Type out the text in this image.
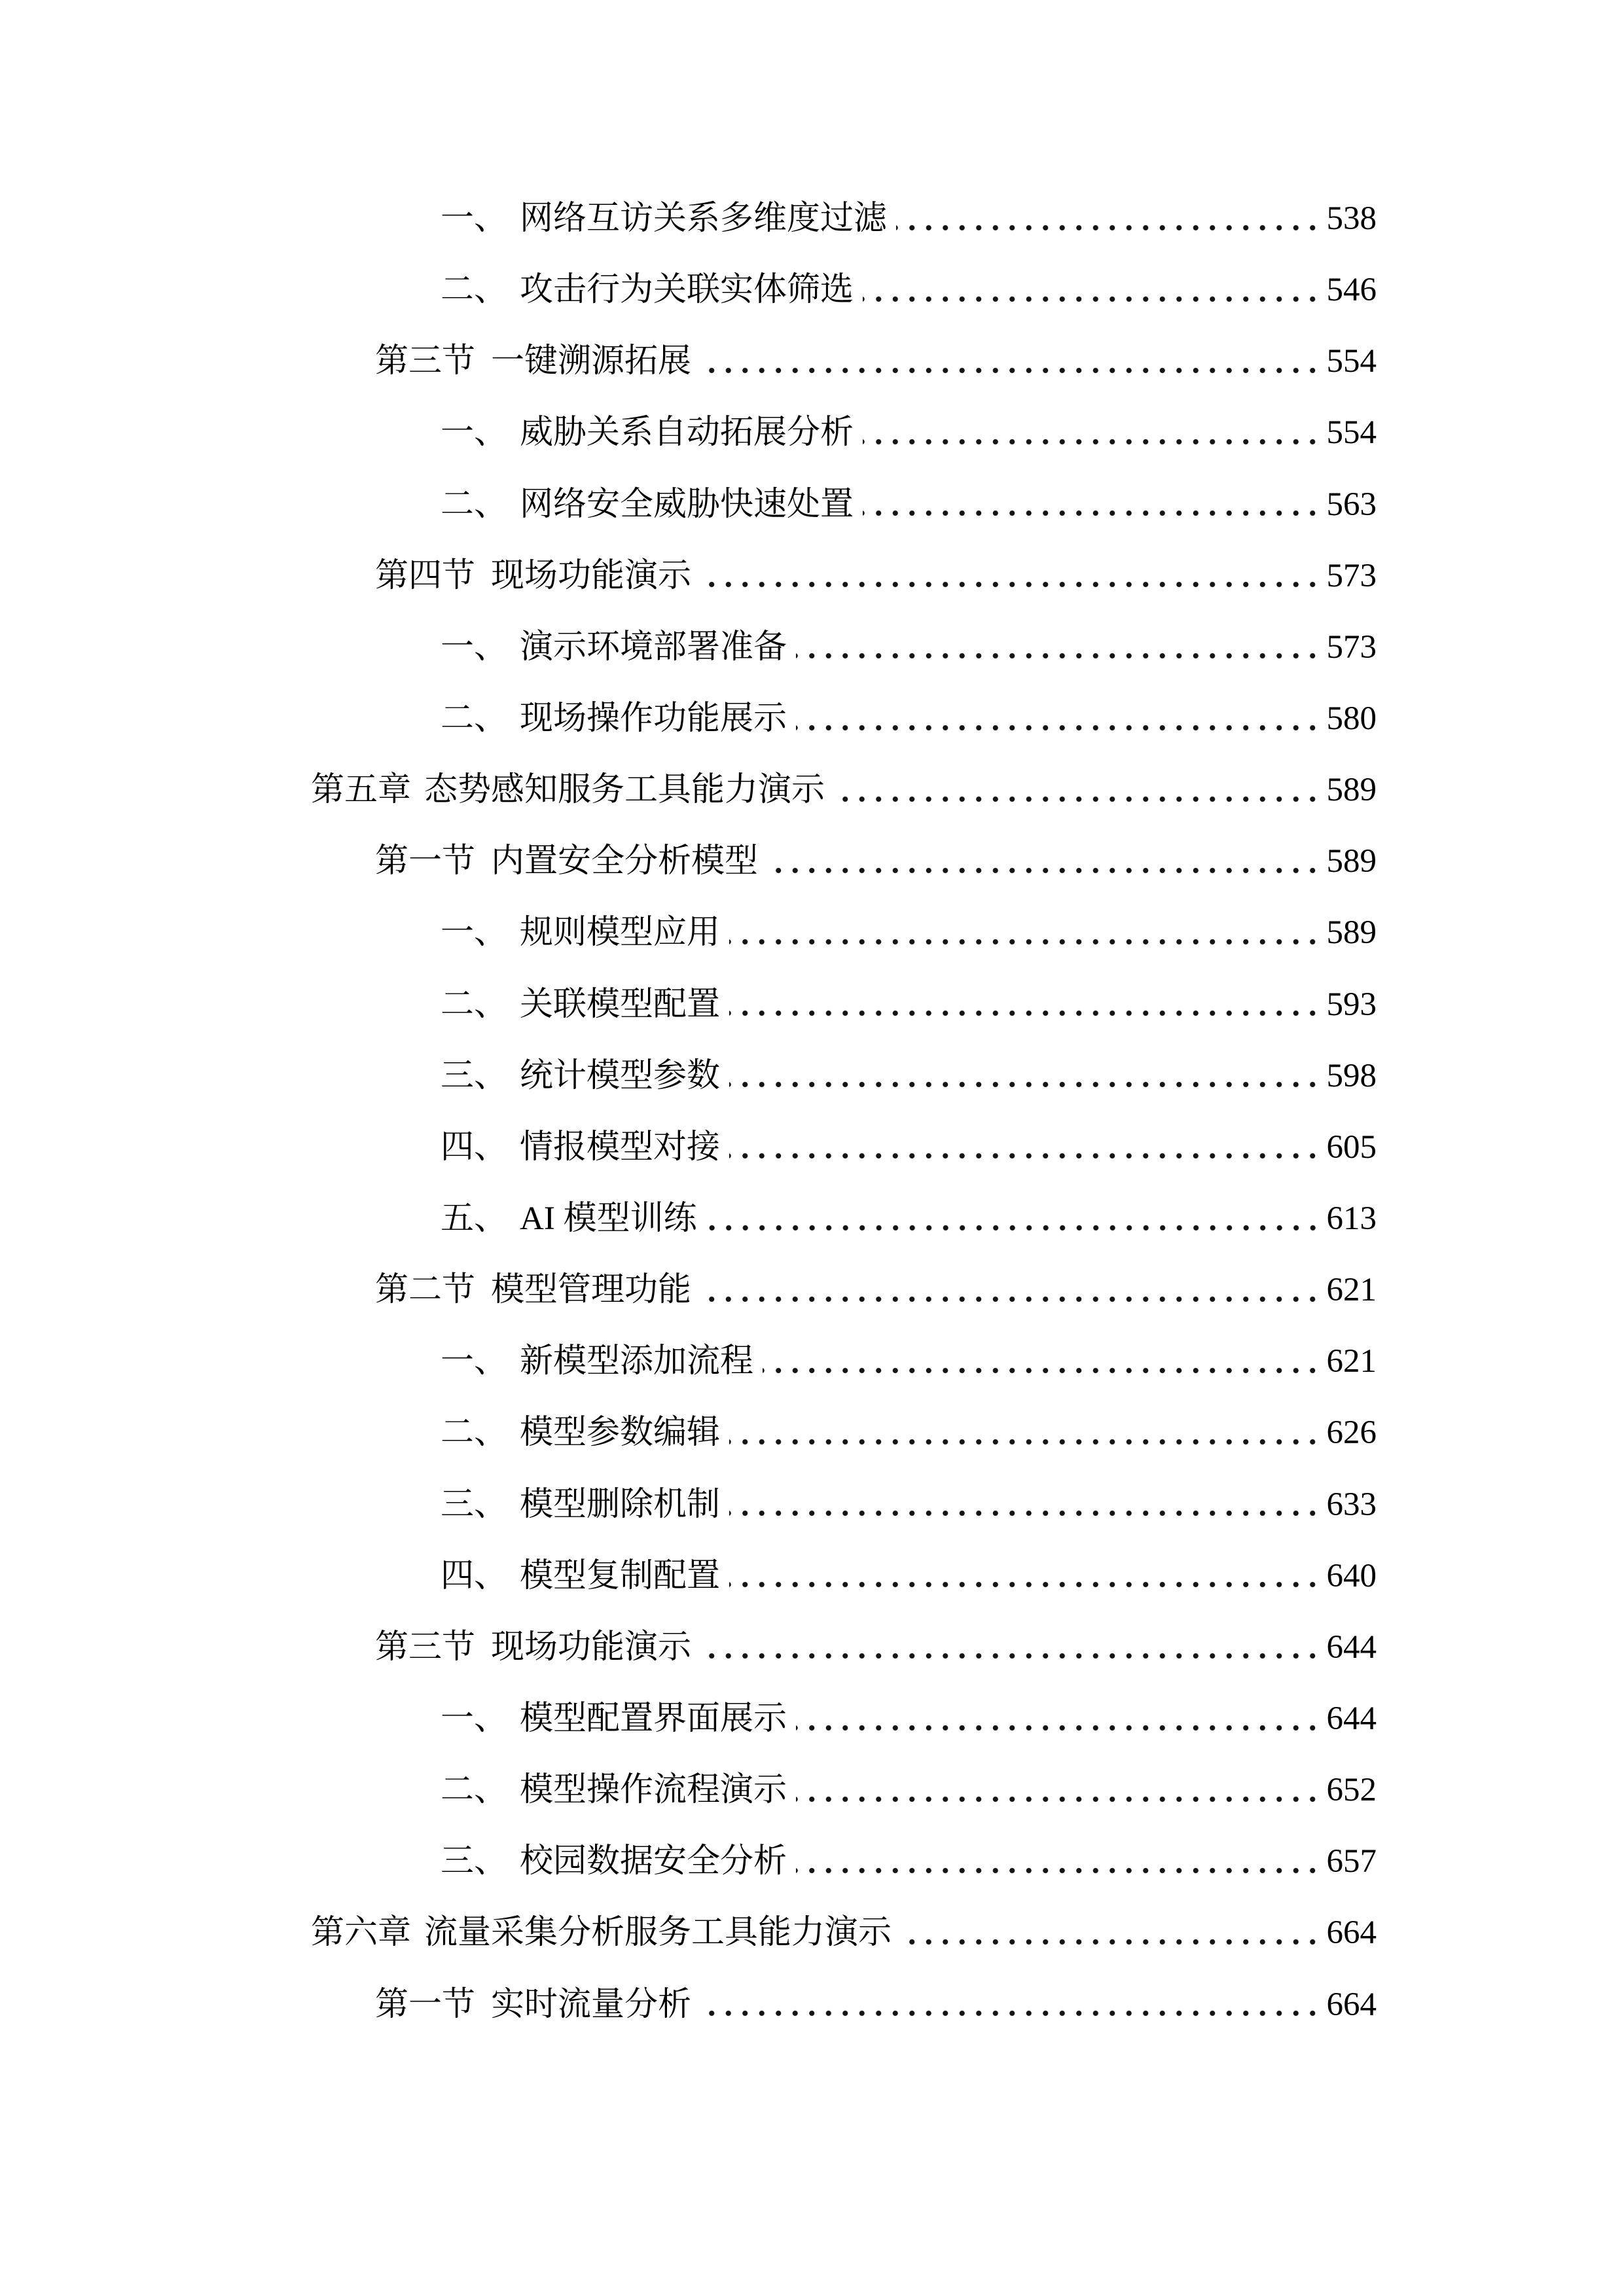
一、 网络互访关系多维度过滤	538
二、 攻击行为关联实体筛选	546
第三节 一键溯源拓展	554
一、 威胁关系自动拓展分析	554
二、 网络安全威胁快速处置	563
第四节 现场功能演示	573
一、 演示环境部署准备	573
二、 现场操作功能展示	580
第五章 态势感知服务工具能力演示	589
第一节 内置安全分析模型	589
一、 规则模型应用	589
二、 关联模型配置	593
三、 统计模型参数	598
四、 情报模型对接	605
五、 AI 模型训练	613
第二节 模型管理功能	621
一、 新模型添加流程	621
二、 模型参数编辑	626
三、 模型删除机制	633
四、 模型复制配置	640
第三节 现场功能演示	644
一、 模型配置界面展示	644
二、 模型操作流程演示	652
三、 校园数据安全分析	657
第六章 流量采集分析服务工具能力演示	664
第一节 实时流量分析	664
